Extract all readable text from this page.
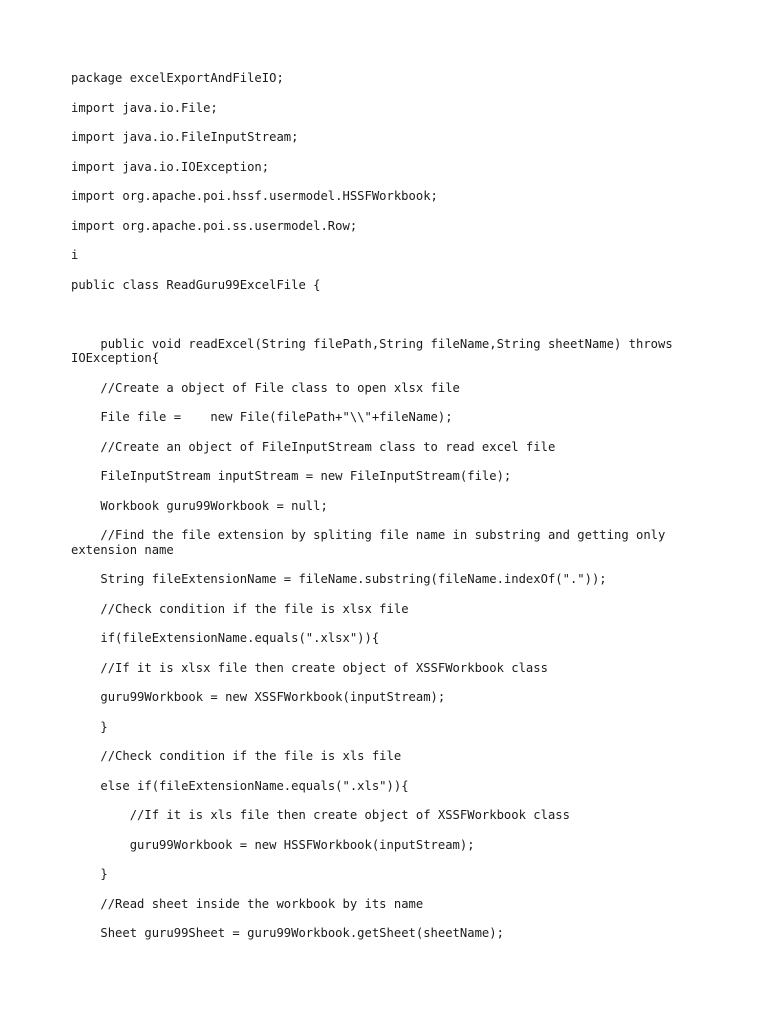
package excelExportAndFileIO;
import java.io.File;
import java.io.FileInputStream;
import java.io.IOException;
import org.apache.poi.hssf.usermodel.HSSFWorkbook;
import org.apache.poi.ss.usermodel.Row;
i
public class ReadGuru99ExcelFile {
public void readExcel(String filePath,String fileName,String sheetName) throws IOException{
//Create a object of File class to open xlsx file
File file =    new File(filePath+"\\"+fileName);
//Create an object of FileInputStream class to read excel file
FileInputStream inputStream = new FileInputStream(file);
Workbook guru99Workbook = null;
//Find the file extension by spliting file name in substring and getting only extension name
String fileExtensionName = fileName.substring(fileName.indexOf("."));
//Check condition if the file is xlsx file
if(fileExtensionName.equals(".xlsx")){
//If it is xlsx file then create object of XSSFWorkbook class
guru99Workbook = new XSSFWorkbook(inputStream);
}
//Check condition if the file is xls file
else if(fileExtensionName.equals(".xls")){
//If it is xls file then create object of XSSFWorkbook class
guru99Workbook = new HSSFWorkbook(inputStream);
}
//Read sheet inside the workbook by its name
Sheet guru99Sheet = guru99Workbook.getSheet(sheetName);
